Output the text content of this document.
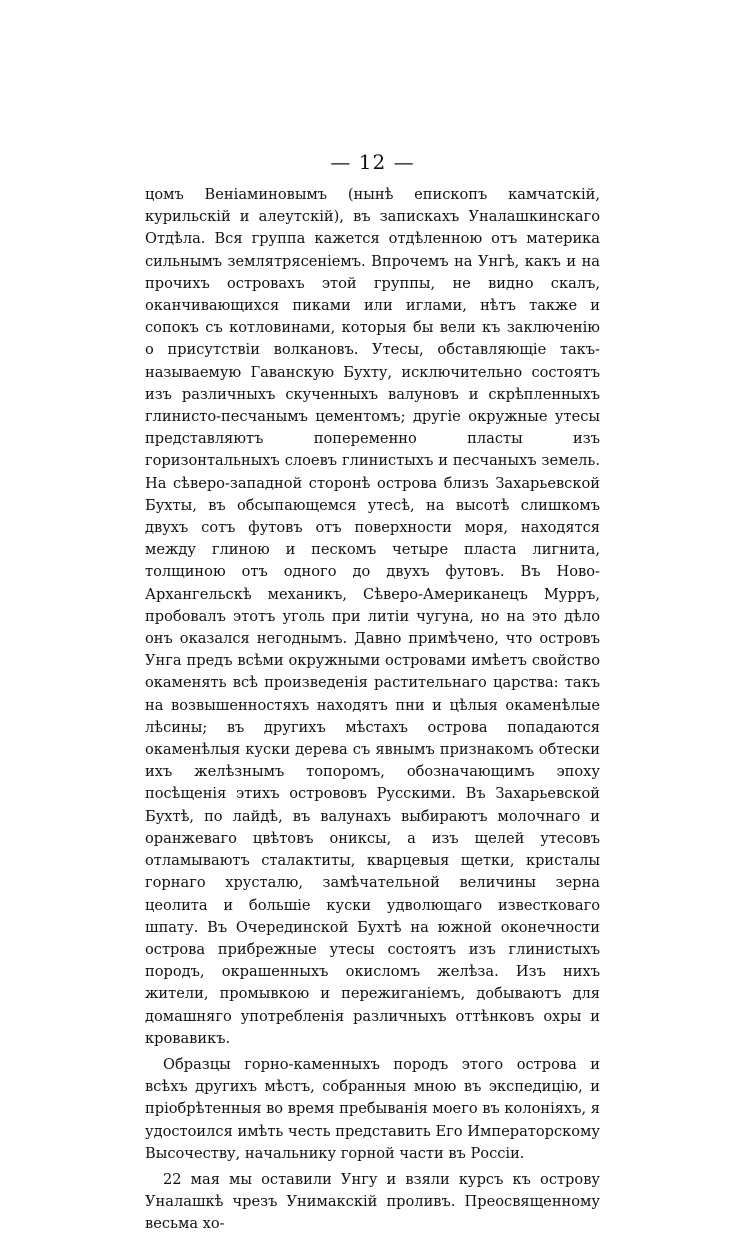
— 12 —

цомъ Веніаминовымъ (нынѣ епископъ камчатскій, курильскій и алеутскій), въ запискахъ Уналашкинскаго Отдѣла. Вся группа кажется отдѣленною отъ материка сильнымъ землятрясеніемъ. Впрочемъ на Унгѣ, какъ и на прочихъ островахъ этой группы, не видно скалъ, оканчивающихся пиками или иглами, нѣтъ также и сопокъ съ котловинами, которыя бы вели къ заключенію о присутствіи волкановъ. Утесы, обставляющіе такъ-называемую Гаванскую Бухту, исключительно состоятъ изъ различныхъ скученныхъ валуновъ и скрѣпленныхъ глинисто-песчанымъ цементомъ; другіе окружные утесы представляютъ попеременно пласты изъ горизонтальныхъ слоевъ глинистыхъ и песчаныхъ земель. На сѣверо-западной сторонѣ острова близъ Захарьевской Бухты, въ обсыпающемся утесѣ, на высотѣ слишкомъ двухъ сотъ футовъ отъ поверхности моря, находятся между глиною и пескомъ четыре пласта лигнита, толщиною отъ одного до двухъ футовъ. Въ Ново-Архангельскѣ механикъ, Сѣверо-Американецъ Мурръ, пробовалъ этотъ уголь при литіи чугуна, но на это дѣло онъ оказался негоднымъ. Давно примѣчено, что островъ Унга предъ всѣми окружными островами имѣетъ свойство окаменять всѣ произведенія растительнаго царства: такъ на возвышенностяхъ находятъ пни и цѣлыя окаменѣлые лѣсины; въ другихъ мѣстахъ острова попадаются окаменѣлыя куски дерева съ явнымъ признакомъ обтески ихъ желѣзнымъ топоромъ, обозначающимъ эпоху посѣщенія этихъ острововъ Русскими. Въ Захарьевской Бухтѣ, по лайдѣ, въ валунахъ выбираютъ молочнаго и оранжеваго цвѣтовъ ониксы, а изъ щелей утесовъ отламываютъ сталактиты, кварцевыя щетки, кристалы горнаго хрусталю, замѣчательной величины зерна цеолита и большіе куски удволющаго известковаго шпату. Въ Очерединской Бухтѣ на южной оконечности острова прибрежные утесы состоятъ изъ глинистыхъ породъ, окрашенныхъ окисломъ желѣза. Изъ нихъ жители, промывкою и пережиганіемъ, добываютъ для домашняго употребленія различныхъ оттѣнковъ охры и кровавикъ.

Образцы горно-каменныхъ породъ этого острова и всѣхъ другихъ мѣстъ, собранныя мною въ экспедицію, и пріобрѣтенныя во время пребыванія моего въ колоніяхъ, я удостоился имѣть честь представить Его Императорскому Высочеству, начальнику горной части въ Россіи.

22 мая мы оставили Унгу и взяли курсъ къ острову Уналашкѣ чрезъ Унимакскій проливъ. Преосвященному весьма хо-
